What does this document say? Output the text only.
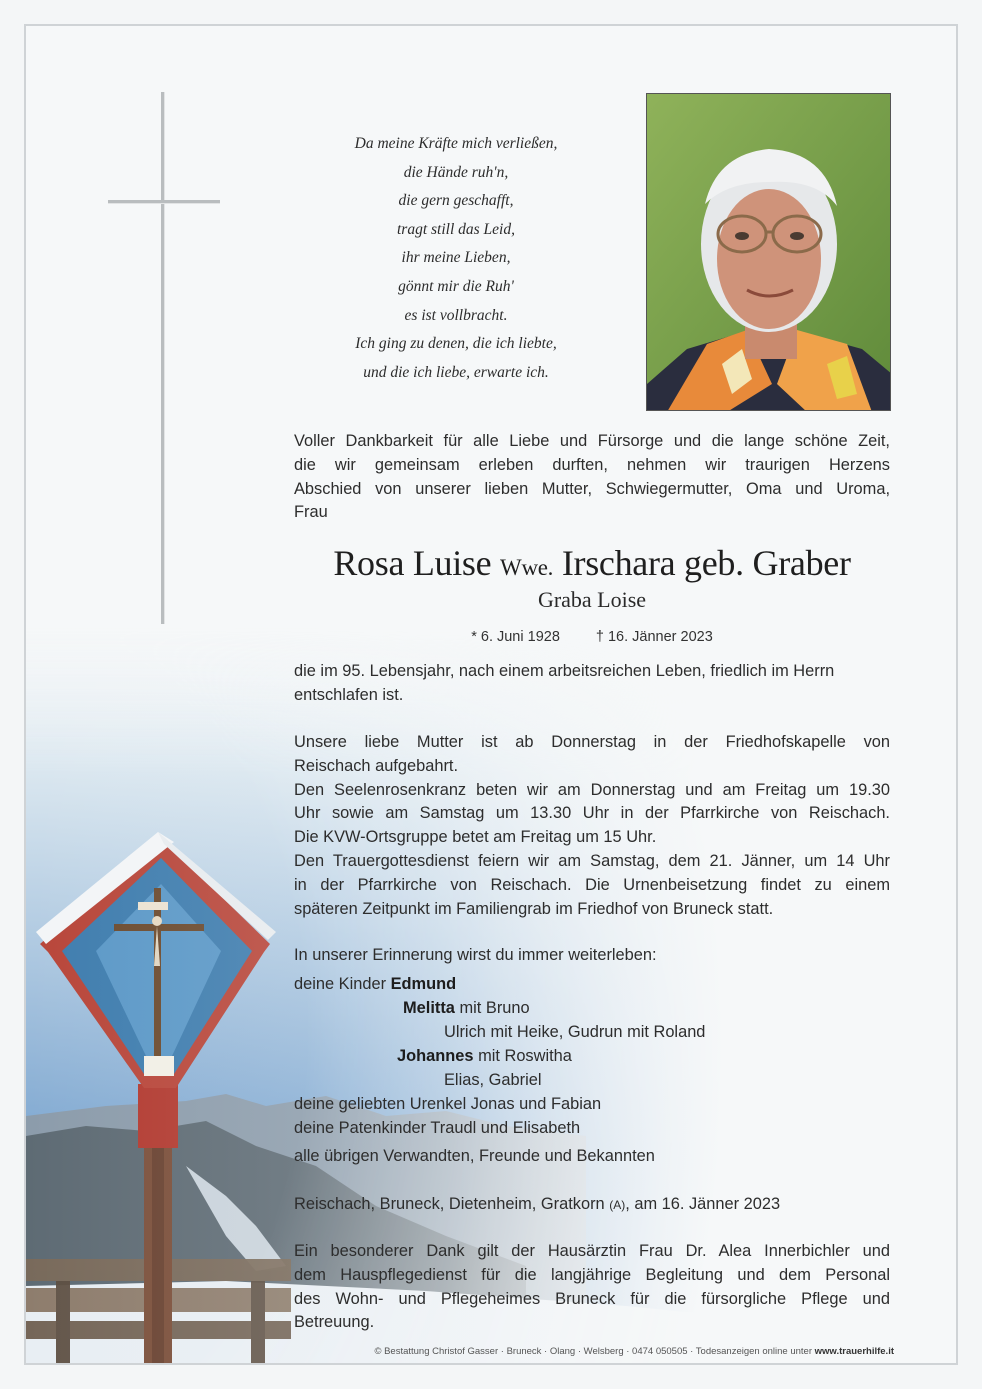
Da meine Kräfte mich verließen,
die Hände ruh'n,
die gern geschafft,
tragt still das Leid,
ihr meine Lieben,
gönnt mir die Ruh'
es ist vollbracht.
Ich ging zu denen, die ich liebte,
und die ich liebe, erwarte ich.
Voller Dankbarkeit für alle Liebe und Fürsorge und die lange schöne Zeit,
die wir gemeinsam erleben durften, nehmen wir traurigen Herzens
Abschied von unserer lieben Mutter, Schwiegermutter, Oma und Uroma,
Frau
Rosa Luise Wwe. Irschara geb. Graber
Graba Loise
* 6. Juni 1928 † 16. Jänner 2023
die im 95. Lebensjahr, nach einem arbeitsreichen Leben, friedlich im Herrn
entschlafen ist.
Unsere liebe Mutter ist ab Donnerstag in der Friedhofskapelle von
Reischach aufgebahrt.
Den Seelenrosenkranz beten wir am Donnerstag und am Freitag um 19.30
Uhr sowie am Samstag um 13.30 Uhr in der Pfarrkirche von Reischach.
Die KVW-Ortsgruppe betet am Freitag um 15 Uhr.
Den Trauergottesdienst feiern wir am Samstag, dem 21. Jänner, um 14 Uhr
in der Pfarrkirche von Reischach. Die Urnenbeisetzung findet zu einem
späteren Zeitpunkt im Familiengrab im Friedhof von Bruneck statt.
In unserer Erinnerung wirst du immer weiterleben:
deine Kinder Edmund
Melitta mit Bruno
Ulrich mit Heike, Gudrun mit Roland
Johannes mit Roswitha
Elias, Gabriel
deine geliebten Urenkel Jonas und Fabian
deine Patenkinder Traudl und Elisabeth
alle übrigen Verwandten, Freunde und Bekannten
Reischach, Bruneck, Dietenheim, Gratkorn (A), am 16. Jänner 2023
Ein besonderer Dank gilt der Hausärztin Frau Dr. Alea Innerbichler und
dem Hauspflegedienst für die langjährige Begleitung und dem Personal
des Wohn- und Pflegeheimes Bruneck für die fürsorgliche Pflege und
Betreuung.
© Bestattung Christof Gasser · Bruneck · Olang · Welsberg · 0474 050505 · Todesanzeigen online unter www.trauerhilfe.it
